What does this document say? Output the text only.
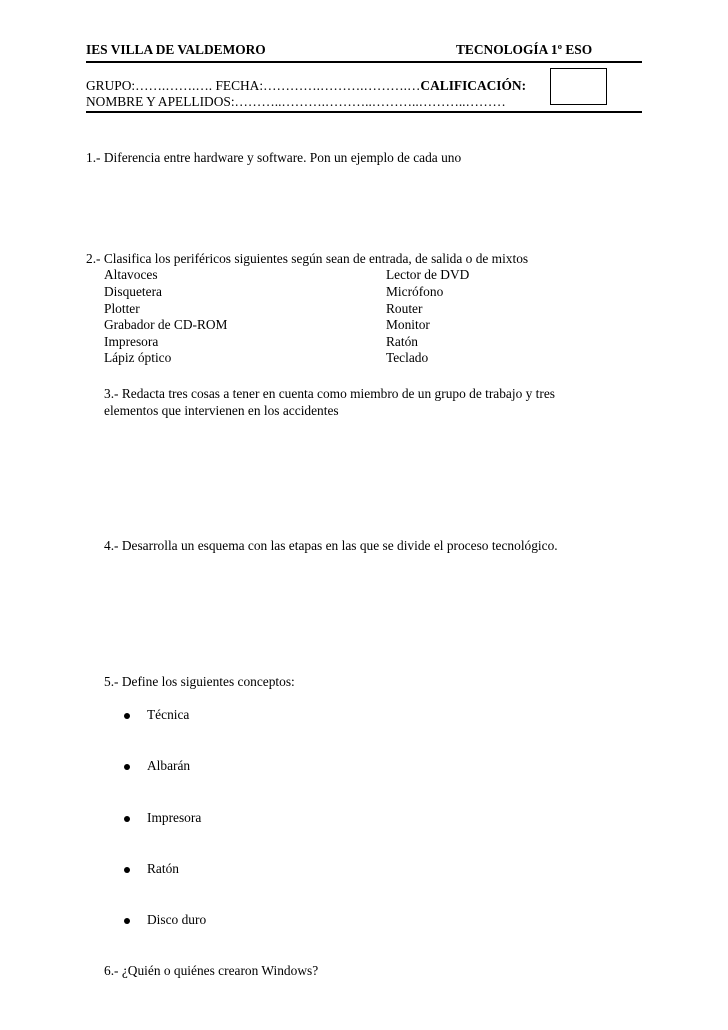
IES VILLA DE VALDEMORO	TECNOLOGÍA 1º ESO
GRUPO:…….…….…. FECHA:………….……….……….…CALIFICACIÓN:
NOMBRE Y APELLIDOS:………..……….………..………..………..………
1.- Diferencia entre hardware y software. Pon un ejemplo de cada uno
2.- Clasifica los periféricos siguientes según sean de entrada, de salida o de mixtos
Altavoces
Disquetera
Plotter
Grabador de CD-ROM
Impresora
Lápiz óptico
Lector de DVD
Micrófono
Router
Monitor
Ratón
Teclado
3.- Redacta tres cosas a tener en cuenta como miembro de un grupo de trabajo y tres
elementos que intervienen en los accidentes
4.- Desarrolla un esquema con las etapas en las que se divide el proceso tecnológico.
5.- Define los siguientes conceptos:
Técnica
Albarán
Impresora
Ratón
Disco duro
6.- ¿Quién o quiénes crearon Windows?
